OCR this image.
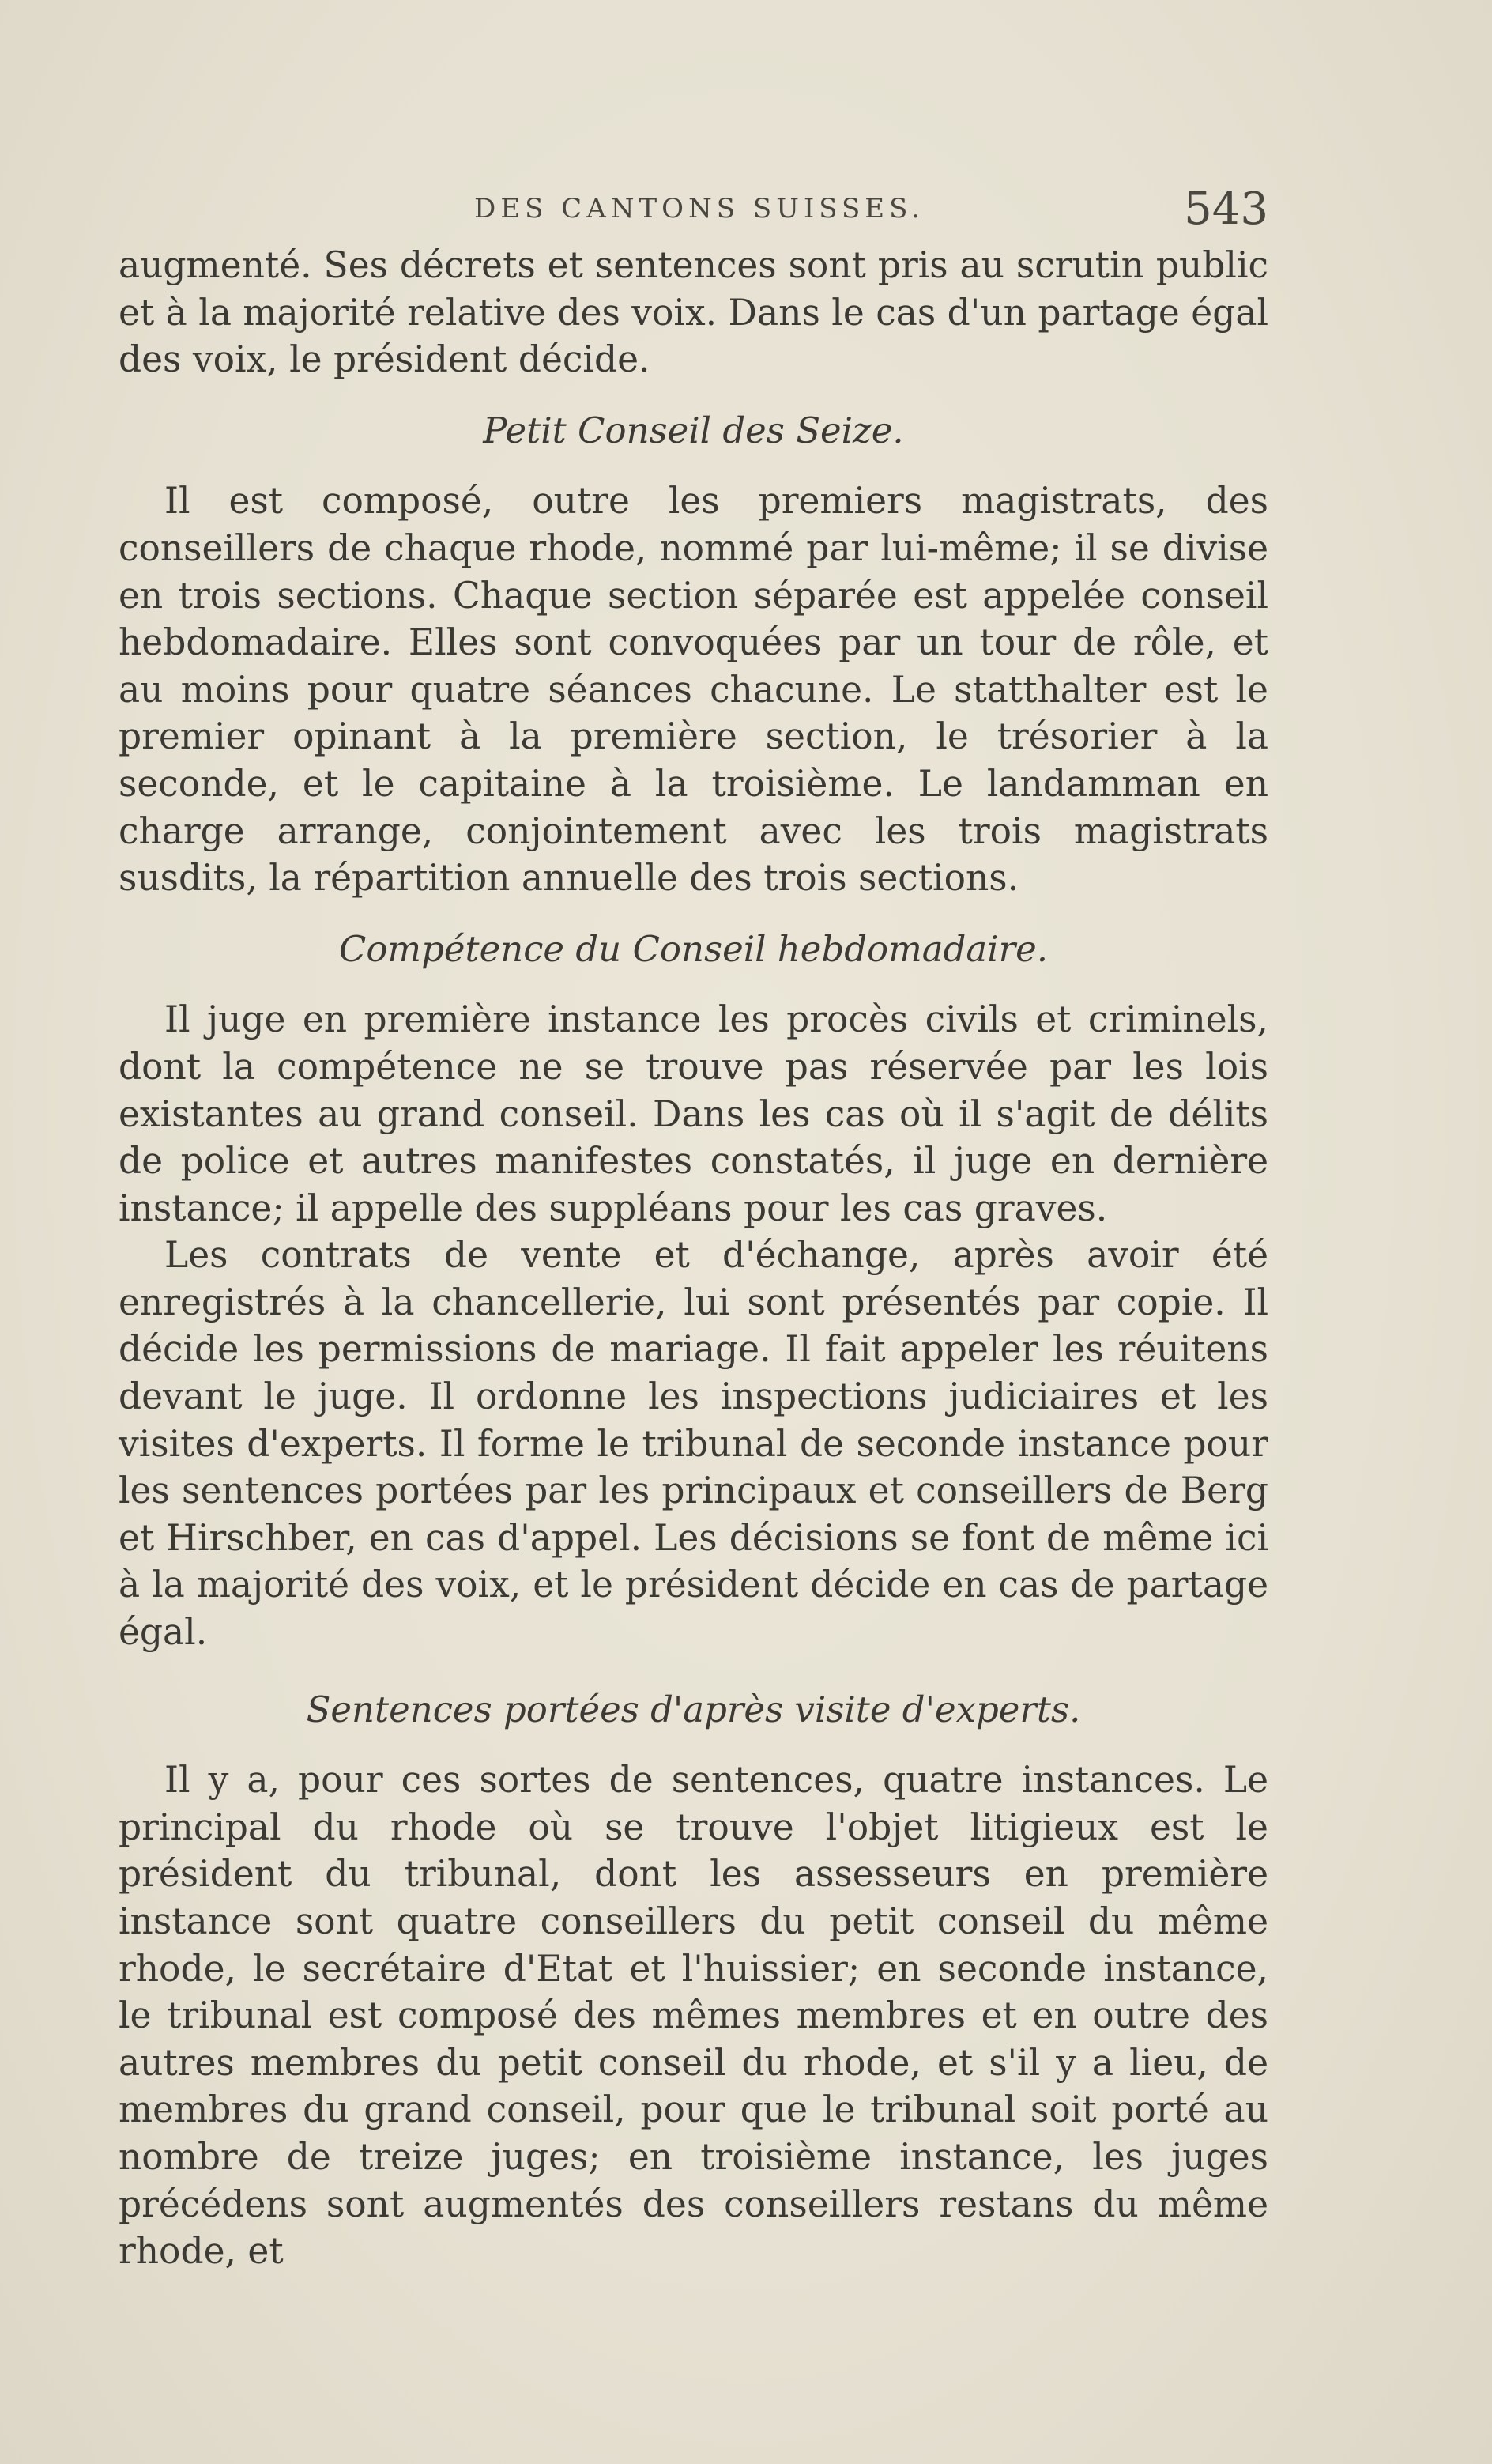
DES CANTONS SUISSES.	543

augmenté. Ses décrets et sentences sont pris au scrutin public et à la majorité relative des voix. Dans le cas d'un partage égal des voix, le président décide.

Petit Conseil des Seize.

Il est composé, outre les premiers magistrats, des conseillers de chaque rhode, nommé par lui-même; il se divise en trois sections. Chaque section séparée est appelée conseil hebdomadaire. Elles sont convoquées par un tour de rôle, et au moins pour quatre séances chacune. Le statthalter est le premier opinant à la première section, le trésorier à la seconde, et le capitaine à la troisième. Le landamman en charge arrange, conjointement avec les trois magistrats susdits, la répartition annuelle des trois sections.

Compétence du Conseil hebdomadaire.

Il juge en première instance les procès civils et criminels, dont la compétence ne se trouve pas réservée par les lois existantes au grand conseil. Dans les cas où il s'agit de délits de police et autres manifestes constatés, il juge en dernière instance; il appelle des suppléans pour les cas graves.

Les contrats de vente et d'échange, après avoir été enregistrés à la chancellerie, lui sont présentés par copie. Il décide les permissions de mariage. Il fait appeler les réuitens devant le juge. Il ordonne les inspections judiciaires et les visites d'experts. Il forme le tribunal de seconde instance pour les sentences portées par les principaux et conseillers de Berg et Hirschber, en cas d'appel. Les décisions se font de même ici à la majorité des voix, et le président décide en cas de partage égal.

Sentences portées d'après visite d'experts.

Il y a, pour ces sortes de sentences, quatre instances. Le principal du rhode où se trouve l'objet litigieux est le président du tribunal, dont les assesseurs en première instance sont quatre conseillers du petit conseil du même rhode, le secrétaire d'Etat et l'huissier; en seconde instance, le tribunal est composé des mêmes membres et en outre des autres membres du petit conseil du rhode, et s'il y a lieu, de membres du grand conseil, pour que le tribunal soit porté au nombre de treize juges; en troisième instance, les juges précédens sont augmentés des conseillers restans du même rhode, et
